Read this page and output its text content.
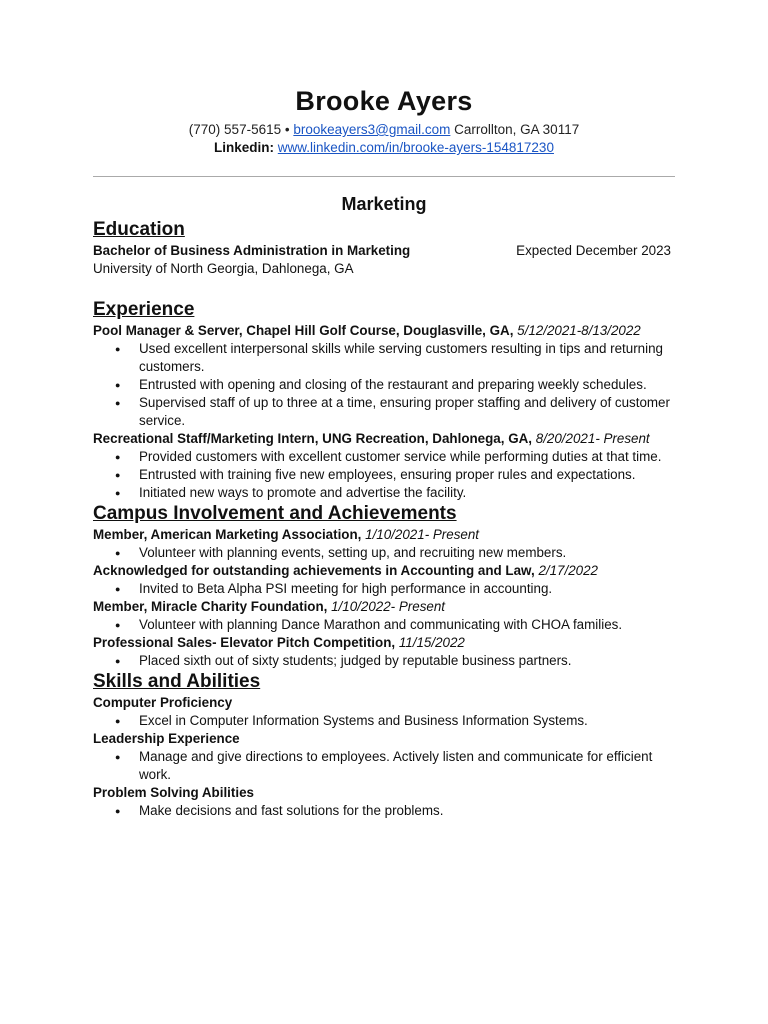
Brooke Ayers
(770) 557-5615 • brookeayers3@gmail.com Carrollton, GA 30117
Linkedin: www.linkedin.com/in/brooke-ayers-154817230
Marketing
Education
Bachelor of Business Administration in Marketing	Expected December 2023
University of North Georgia, Dahlonega, GA
Experience
Pool Manager & Server, Chapel Hill Golf Course, Douglasville, GA, 5/12/2021-8/13/2022
● Used excellent interpersonal skills while serving customers resulting in tips and returning customers.
● Entrusted with opening and closing of the restaurant and preparing weekly schedules.
● Supervised staff of up to three at a time, ensuring proper staffing and delivery of customer service.
Recreational Staff/Marketing Intern, UNG Recreation, Dahlonega, GA, 8/20/2021- Present
● Provided customers with excellent customer service while performing duties at that time.
● Entrusted with training five new employees, ensuring proper rules and expectations.
● Initiated new ways to promote and advertise the facility.
Campus Involvement and Achievements
Member, American Marketing Association, 1/10/2021- Present
● Volunteer with planning events, setting up, and recruiting new members.
Acknowledged for outstanding achievements in Accounting and Law, 2/17/2022
● Invited to Beta Alpha PSI meeting for high performance in accounting.
Member, Miracle Charity Foundation, 1/10/2022- Present
● Volunteer with planning Dance Marathon and communicating with CHOA families.
Professional Sales- Elevator Pitch Competition, 11/15/2022
● Placed sixth out of sixty students; judged by reputable business partners.
Skills and Abilities
Computer Proficiency
● Excel in Computer Information Systems and Business Information Systems.
Leadership Experience
● Manage and give directions to employees. Actively listen and communicate for efficient work.
Problem Solving Abilities
● Make decisions and fast solutions for the problems.
